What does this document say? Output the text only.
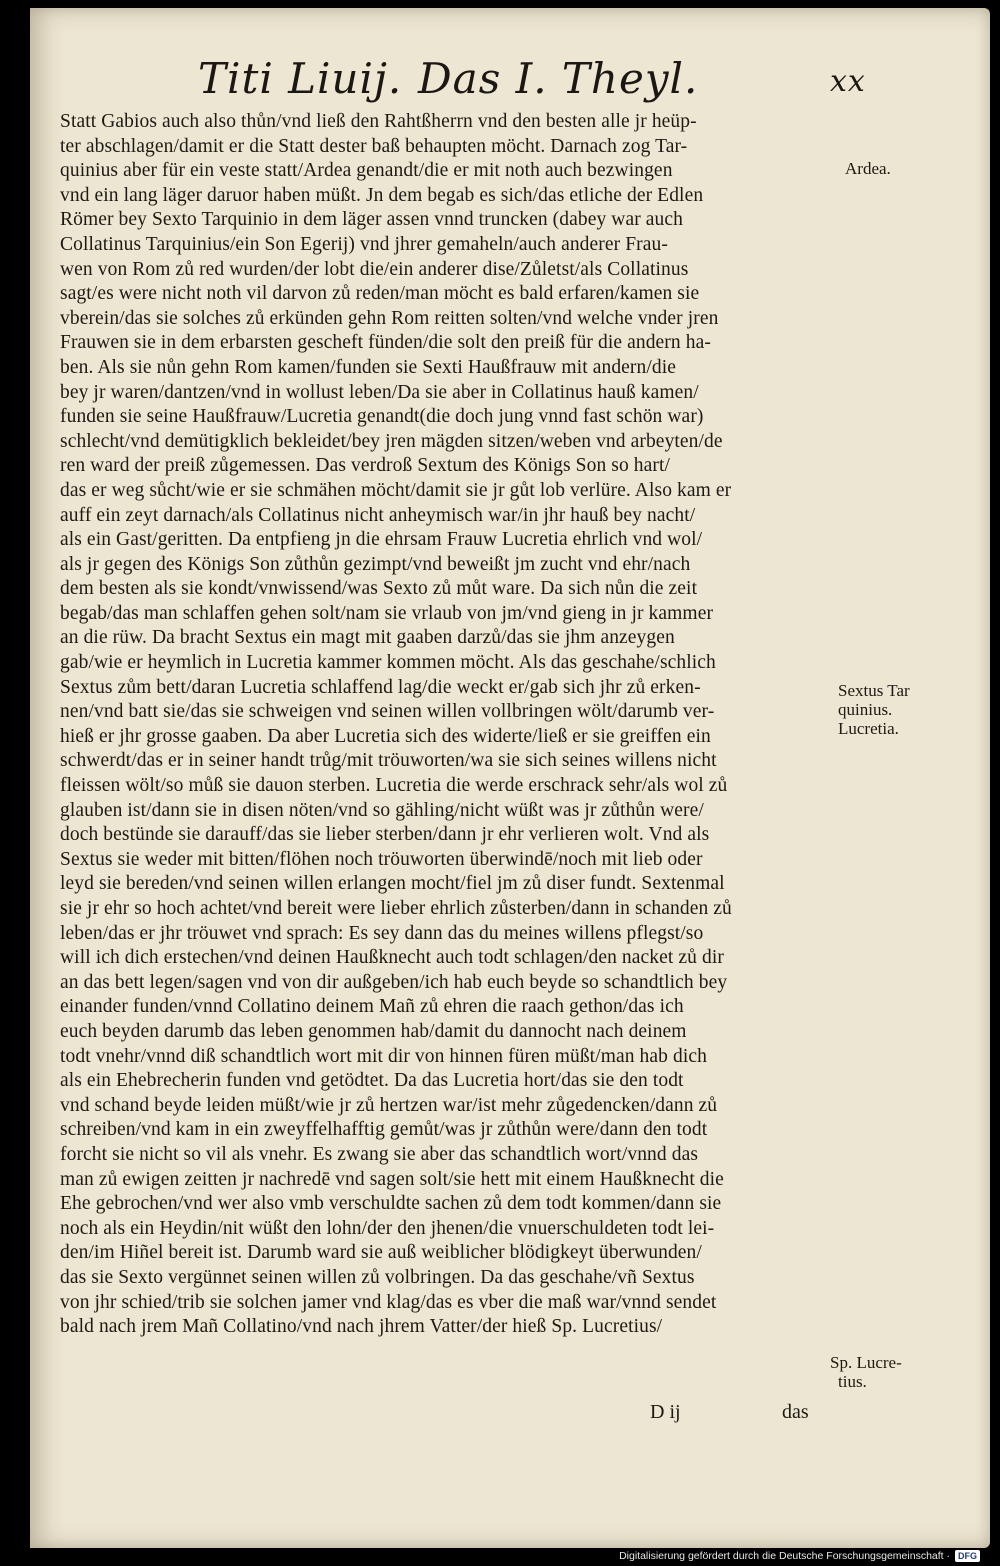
Titi Liuij. Das I. Theyl.	xx
Statt Gabios auch also thůn/vnd ließ den Rahtßherrn vnd den besten alle jr heüp-
ter abschlagen/damit er die Statt dester baß behaupten möcht. Darnach zog Tar-
quinius aber für ein veste statt/Ardea genandt/die er mit noth auch bezwingen
vnd ein lang läger daruor haben müßt. Jn dem begab es sich/das etliche der Edlen
Römer bey Sexto Tarquinio in dem läger assen vnnd truncken (dabey war auch
Collatinus Tarquinius/ein Son Egerij) vnd jhrer gemaheln/auch anderer Frau-
wen von Rom zů red wurden/der lobt die/ein anderer dise/Zůletst/als Collatinus
sagt/es were nicht noth vil darvon zů reden/man möcht es bald erfaren/kamen sie
vberein/das sie solches zů erkünden gehn Rom reitten solten/vnd welche vnder jren
Frauwen sie in dem erbarsten gescheft fünden/die solt den preiß für die andern ha-
ben. Als sie nůn gehn Rom kamen/funden sie Sexti Haußfrauw mit andern/die
bey jr waren/dantzen/vnd in wollust leben/Da sie aber in Collatinus hauß kamen/
funden sie seine Haußfrauw/Lucretia genandt(die doch jung vnnd fast schön war)
schlecht/vnd demütigklich bekleidet/bey jren mägden sitzen/weben vnd arbeyten/de
ren ward der preiß zůgemessen. Das verdroß Sextum des Königs Son so hart/
das er weg sůcht/wie er sie schmähen möcht/damit sie jr gůt lob verlüre. Also kam er
auff ein zeyt darnach/als Collatinus nicht anheymisch war/in jhr hauß bey nacht/
als ein Gast/geritten. Da entpfieng jn die ehrsam Frauw Lucretia ehrlich vnd wol/
als jr gegen des Königs Son zůthůn gezimpt/vnd beweißt jm zucht vnd ehr/nach
dem besten als sie kondt/vnwissend/was Sexto zů můt ware. Da sich nůn die zeit
begab/das man schlaffen gehen solt/nam sie vrlaub von jm/vnd gieng in jr kammer
an die rüw. Da bracht Sextus ein magt mit gaaben darzů/das sie jhm anzeygen
gab/wie er heymlich in Lucretia kammer kommen möcht. Als das geschahe/schlich
Sextus zům bett/daran Lucretia schlaffend lag/die weckt er/gab sich jhr zů erken-
nen/vnd batt sie/das sie schweigen vnd seinen willen vollbringen wölt/darumb ver-
hieß er jhr grosse gaaben. Da aber Lucretia sich des widerte/ließ er sie greiffen ein
schwerdt/das er in seiner handt trůg/mit tröuworten/wa sie sich seines willens nicht
fleissen wölt/so můß sie dauon sterben. Lucretia die werde erschrack sehr/als wol zů
glauben ist/dann sie in disen nöten/vnd so gähling/nicht wüßt was jr zůthůn were/
doch bestünde sie darauff/das sie lieber sterben/dann jr ehr verlieren wolt. Vnd als
Sextus sie weder mit bitten/flöhen noch tröuworten überwindē/noch mit lieb oder
leyd sie bereden/vnd seinen willen erlangen mocht/fiel jm zů diser fundt. Sextenmal
sie jr ehr so hoch achtet/vnd bereit were lieber ehrlich zůsterben/dann in schanden zů
leben/das er jhr tröuwet vnd sprach: Es sey dann das du meines willens pflegst/so
will ich dich erstechen/vnd deinen Haußknecht auch todt schlagen/den nacket zů dir
an das bett legen/sagen vnd von dir außgeben/ich hab euch beyde so schandtlich bey
einander funden/vnnd Collatino deinem Mañ zů ehren die raach gethon/das ich
euch beyden darumb das leben genommen hab/damit du dannocht nach deinem
todt vnehr/vnnd diß schandtlich wort mit dir von hinnen füren müßt/man hab dich
als ein Ehebrecherin funden vnd getödtet. Da das Lucretia hort/das sie den todt
vnd schand beyde leiden müßt/wie jr zů hertzen war/ist mehr zůgedencken/dann zů
schreiben/vnd kam in ein zweyffelhafftig gemůt/was jr zůthůn were/dann den todt
forcht sie nicht so vil als vnehr. Es zwang sie aber das schandtlich wort/vnnd das
man zů ewigen zeitten jr nachredē vnd sagen solt/sie hett mit einem Haußknecht die
Ehe gebrochen/vnd wer also vmb verschuldte sachen zů dem todt kommen/dann sie
noch als ein Heydin/nit wüßt den lohn/der den jhenen/die vnuerschuldeten todt lei-
den/im Hiñel bereit ist. Darumb ward sie auß weiblicher blödigkeyt überwunden/
das sie Sexto vergünnet seinen willen zů volbringen. Da das geschahe/vñ Sextus
von jhr schied/trib sie solchen jamer vnd klag/das es vber die maß war/vnnd sendet
bald nach jrem Mañ Collatino/vnd nach jhrem Vatter/der hieß Sp. Lucretius/
Ardea.
Sextus Tar
quinius.
Lucretia.
Sp. Lucre-
tius.
D ij	das
Digitalisierung gefördert durch die Deutsche Forschungsgemeinschaft · DFG
